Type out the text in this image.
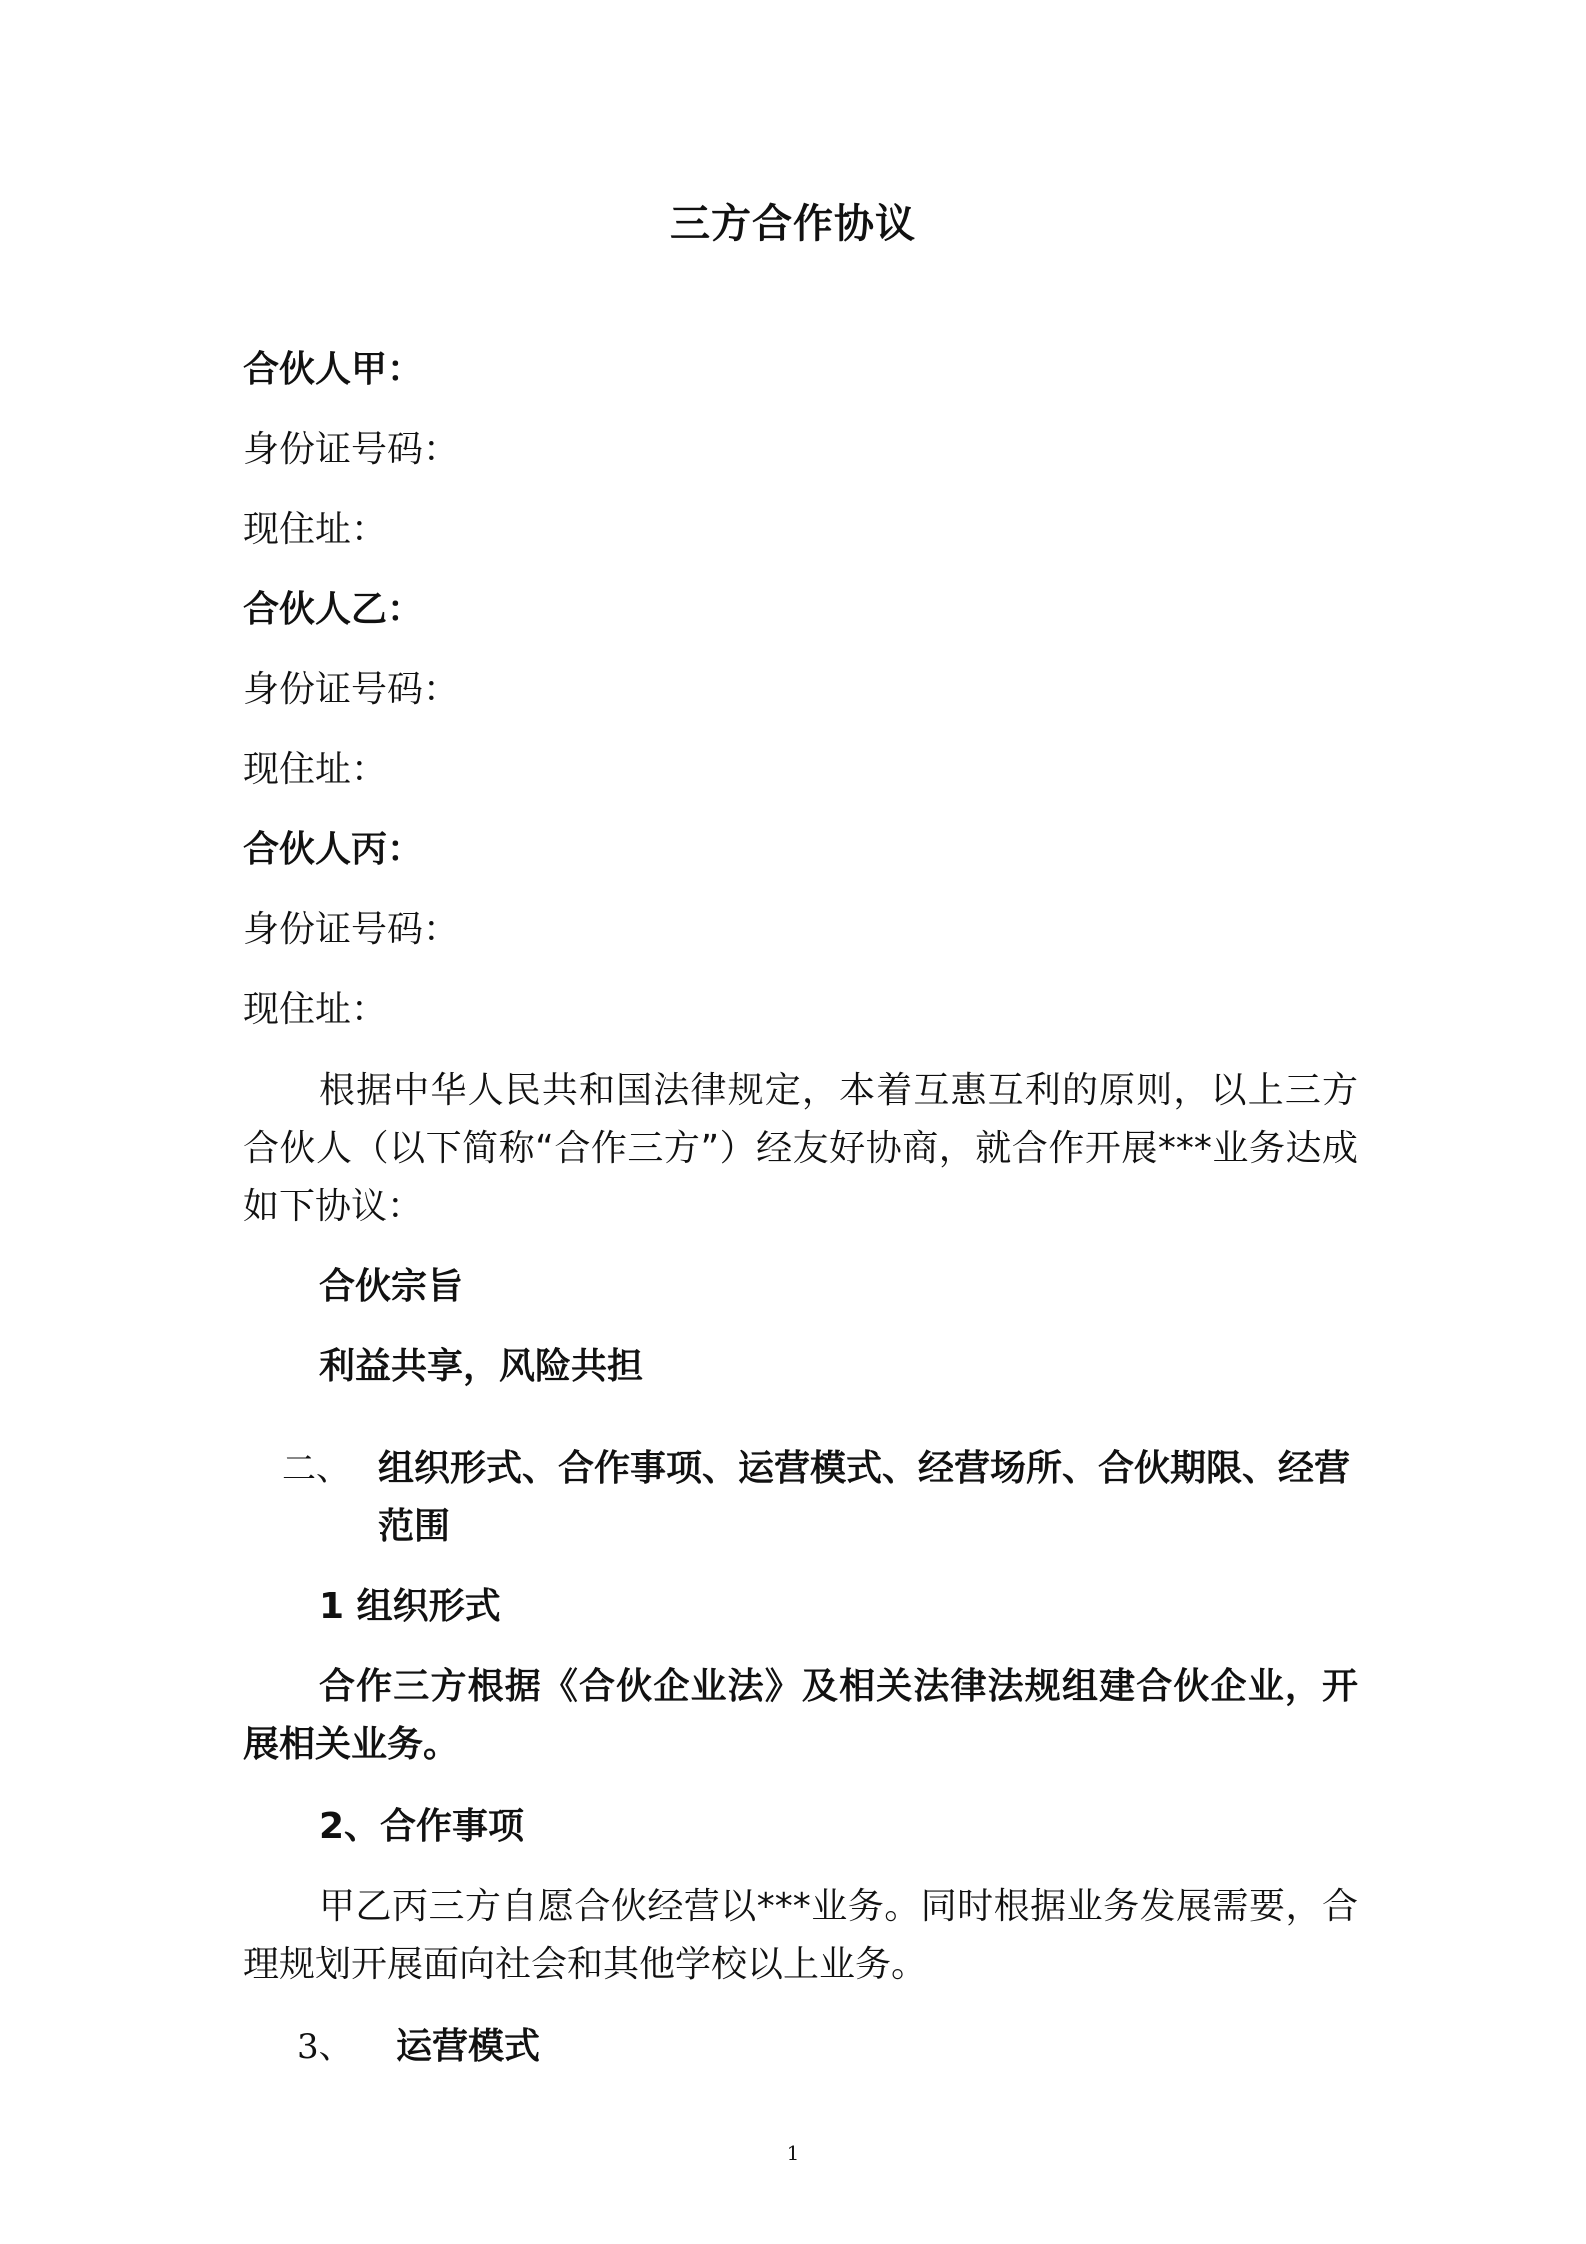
三方合作协议

合伙人甲：

身份证号码：

现住址：

合伙人乙：

身份证号码：

现住址：

合伙人丙：

身份证号码：

现住址：

根据中华人民共和国法律规定，本着互惠互利的原则，以上三方合伙人（以下简称“合作三方”）经友好协商，就合作开展***业务达成如下协议：

合伙宗旨

利益共享，风险共担

二、 组织形式、合作事项、运营模式、经营场所、合伙期限、经营范围

1 组织形式

合作三方根据《合伙企业法》及相关法律法规组建合伙企业，开展相关业务。

2、合作事项

甲乙丙三方自愿合伙经营以***业务。同时根据业务发展需要，合理规划开展面向社会和其他学校以上业务。

3、 运营模式

1
